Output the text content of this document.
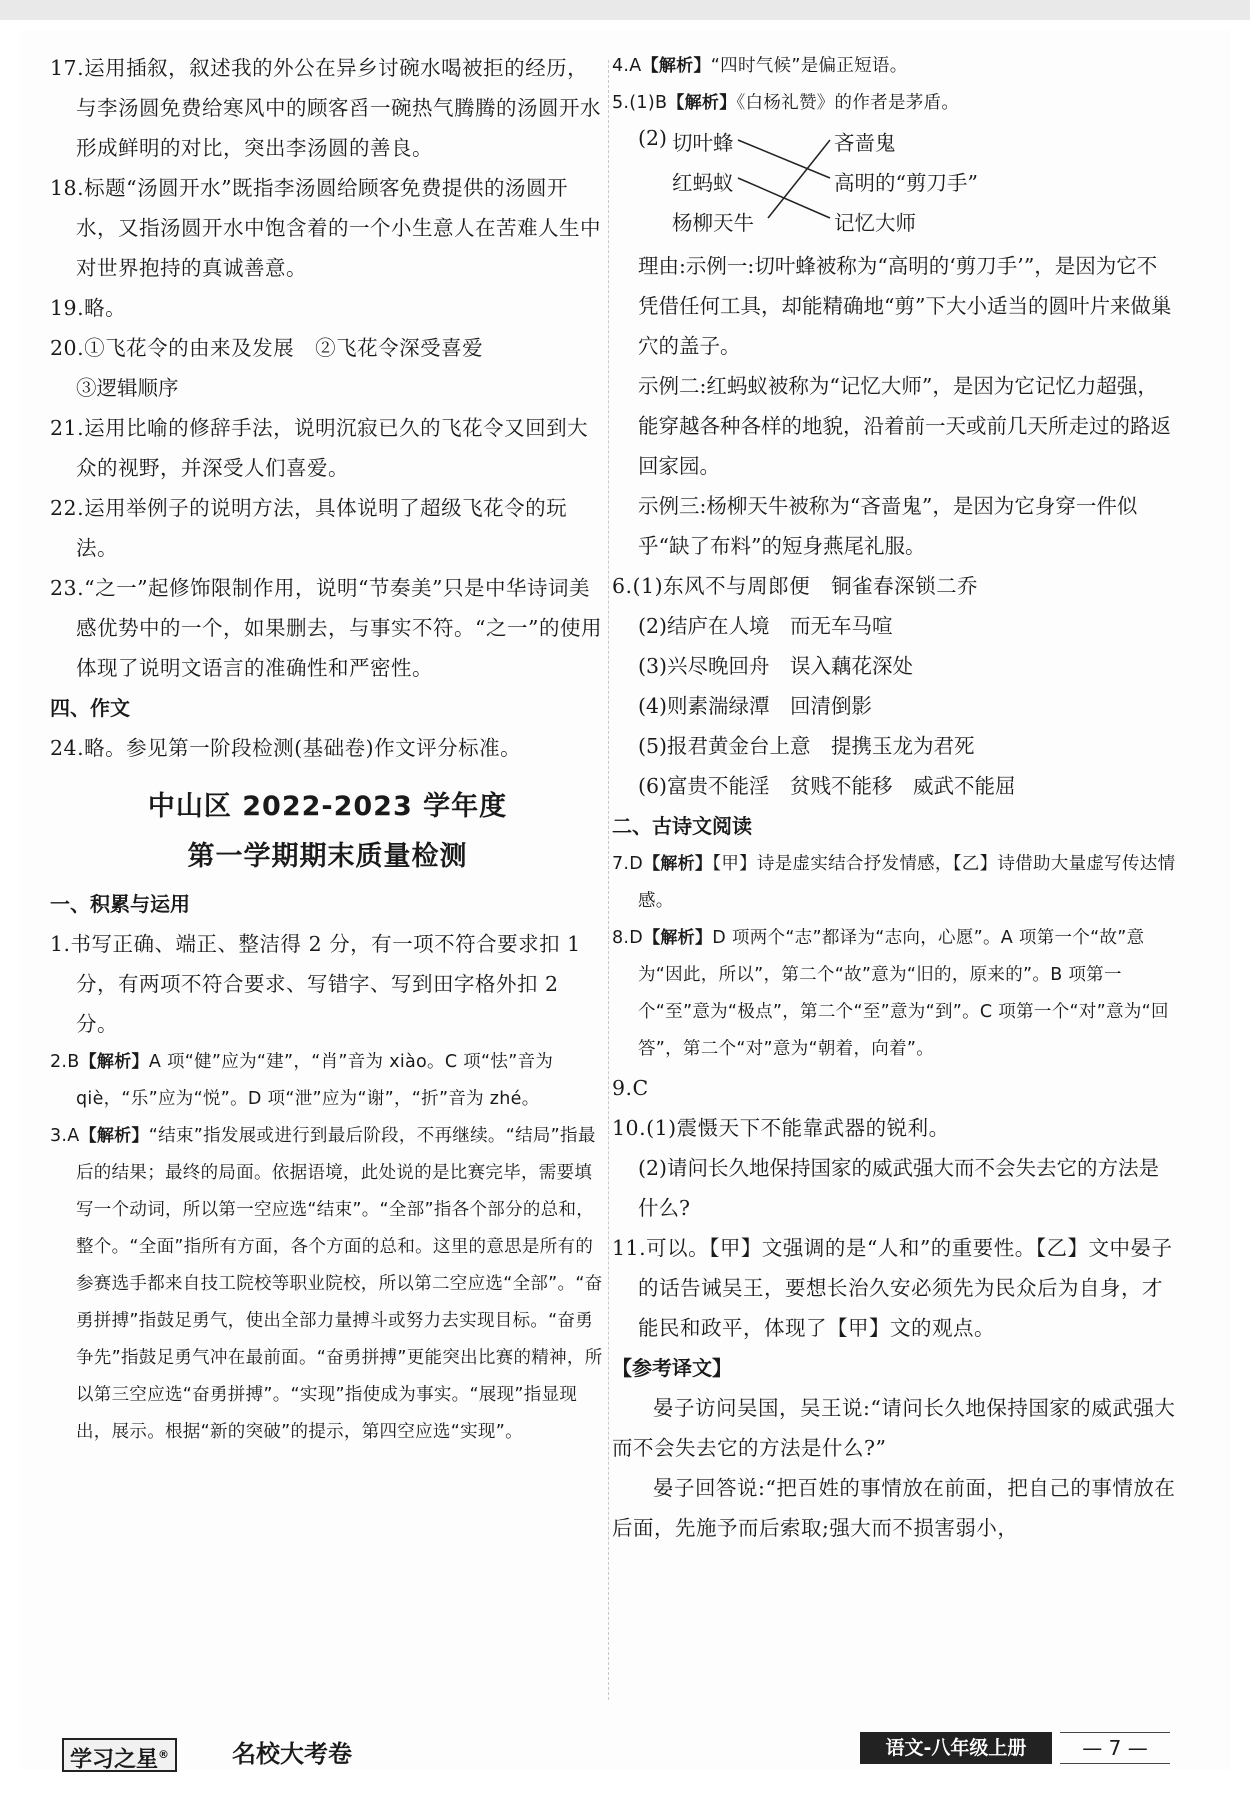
17.运用插叙，叙述我的外公在异乡讨碗水喝被拒的经历，与李汤圆免费给寒风中的顾客舀一碗热气腾腾的汤圆开水形成鲜明的对比，突出李汤圆的善良。
18.标题“汤圆开水”既指李汤圆给顾客免费提供的汤圆开水，又指汤圆开水中饱含着的一个小生意人在苦难人生中对世界抱持的真诚善意。
19.略。
20.①飞花令的由来及发展　②飞花令深受喜爱
③逻辑顺序
21.运用比喻的修辞手法，说明沉寂已久的飞花令又回到大众的视野，并深受人们喜爱。
22.运用举例子的说明方法，具体说明了超级飞花令的玩法。
23.“之一”起修饰限制作用，说明“节奏美”只是中华诗词美感优势中的一个，如果删去，与事实不符。“之一”的使用体现了说明文语言的准确性和严密性。
四、作文
24.略。参见第一阶段检测(基础卷)作文评分标准。
中山区 2022-2023 学年度
第一学期期末质量检测
一、积累与运用
1.书写正确、端正、整洁得 2 分，有一项不符合要求扣 1 分，有两项不符合要求、写错字、写到田字格外扣 2 分。
2.B【解析】A 项“健”应为“建”，“肖”音为 xiào。C 项“怯”音为 qiè，“乐”应为“悦”。D 项“泄”应为“谢”，“折”音为 zhé。
3.A【解析】“结束”指发展或进行到最后阶段，不再继续。“结局”指最后的结果；最终的局面。依据语境，此处说的是比赛完毕，需要填写一个动词，所以第一空应选“结束”。“全部”指各个部分的总和，整个。“全面”指所有方面，各个方面的总和。这里的意思是所有的参赛选手都来自技工院校等职业院校，所以第二空应选“全部”。“奋勇拼搏”指鼓足勇气，使出全部力量搏斗或努力去实现目标。“奋勇争先”指鼓足勇气冲在最前面。“奋勇拼搏”更能突出比赛的精神，所以第三空应选“奋勇拼搏”。“实现”指使成为事实。“展现”指显现出，展示。根据“新的突破”的提示，第四空应选“实现”。
4.A【解析】“四时气候”是偏正短语。
5.(1)B【解析】《白杨礼赞》的作者是茅盾。
(2) 切叶蜂
红蚂蚁
杨柳天牛
吝啬鬼
高明的“剪刀手”
记忆大师
理由:示例一:切叶蜂被称为“高明的‘剪刀手’”，是因为它不凭借任何工具，却能精确地“剪”下大小适当的圆叶片来做巢穴的盖子。
示例二:红蚂蚁被称为“记忆大师”，是因为它记忆力超强，能穿越各种各样的地貌，沿着前一天或前几天所走过的路返回家园。
示例三:杨柳天牛被称为“吝啬鬼”，是因为它身穿一件似乎“缺了布料”的短身燕尾礼服。
6.(1)东风不与周郎便　铜雀春深锁二乔
(2)结庐在人境　而无车马喧
(3)兴尽晚回舟　误入藕花深处
(4)则素湍绿潭　回清倒影
(5)报君黄金台上意　提携玉龙为君死
(6)富贵不能淫　贫贱不能移　威武不能屈
二、古诗文阅读
7.D【解析】【甲】诗是虚实结合抒发情感，【乙】诗借助大量虚写传达情感。
8.D【解析】D 项两个“志”都译为“志向，心愿”。A 项第一个“故”意为“因此，所以”，第二个“故”意为“旧的，原来的”。B 项第一个“至”意为“极点”，第二个“至”意为“到”。C 项第一个“对”意为“回答”，第二个“对”意为“朝着，向着”。
9.C
10.(1)震慑天下不能靠武器的锐利。
(2)请问长久地保持国家的威武强大而不会失去它的方法是什么?
11.可以。【甲】文强调的是“人和”的重要性。【乙】文中晏子的话告诫吴王，要想长治久安必须先为民众后为自身，才能民和政平，体现了【甲】文的观点。
【参考译文】
晏子访问吴国，吴王说:“请问长久地保持国家的威武强大而不会失去它的方法是什么?”
晏子回答说:“把百姓的事情放在前面，把自己的事情放在后面，先施予而后索取;强大而不损害弱小，
学习之星®	名校大考卷	语文-八年级上册	— 7 —
